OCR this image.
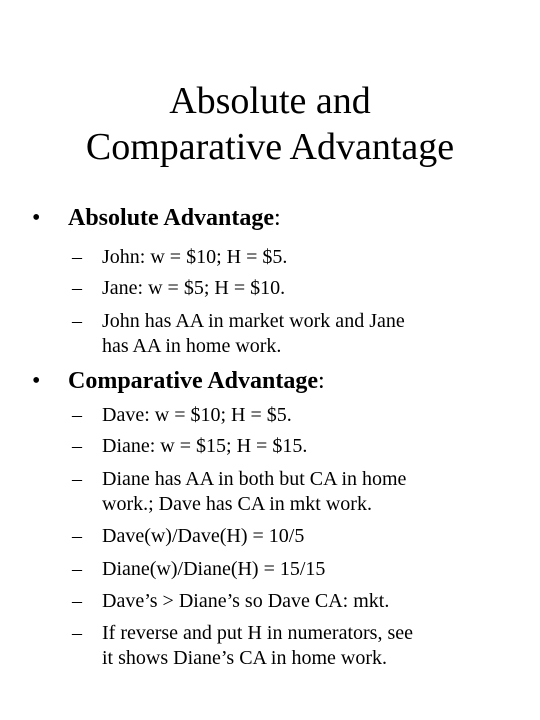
Absolute and
Comparative Advantage
• Absolute Advantage:
– John: w = $10; H = $5.
– Jane: w = $5; H = $10.
– John has AA in market work and Jane
has AA in home work.
• Comparative Advantage:
– Dave: w = $10; H = $5.
– Diane: w = $15; H = $15.
– Diane has AA in both but CA in home
work.; Dave has CA in mkt work.
– Dave(w)/Dave(H) = 10/5
– Diane(w)/Diane(H) = 15/15
– Dave’s > Diane’s so Dave CA: mkt.
– If reverse and put H in numerators, see
it shows Diane’s CA in home work.
